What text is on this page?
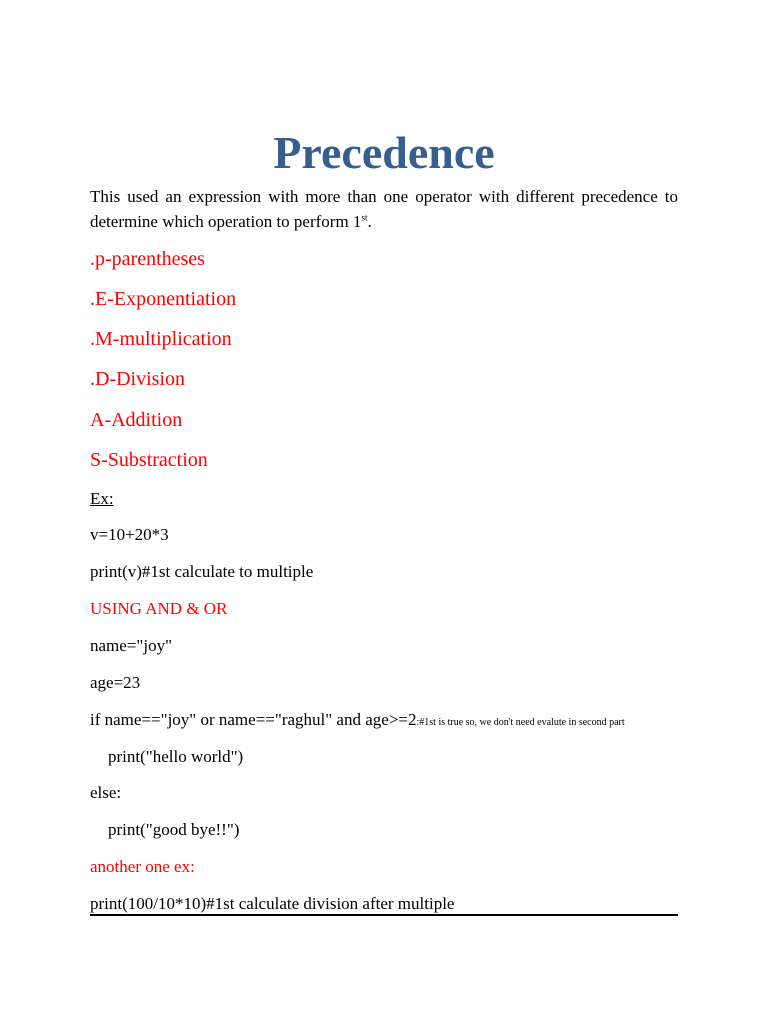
Precedence

This used an expression with more than one operator with different precedence to determine which operation to perform 1st.

.p-parentheses

.E-Exponentiation

.M-multiplication

.D-Division

A-Addition

S-Substraction

Ex:

v=10+20*3

print(v)#1st calculate to multiple

USING AND & OR

name="joy"

age=23

if name=="joy" or name=="raghul" and age>=2:#1st is true so, we don't need evalute in second part

print("hello world")

else:

print("good bye!!")

another one ex:

print(100/10*10)#1st calculate division after multiple
